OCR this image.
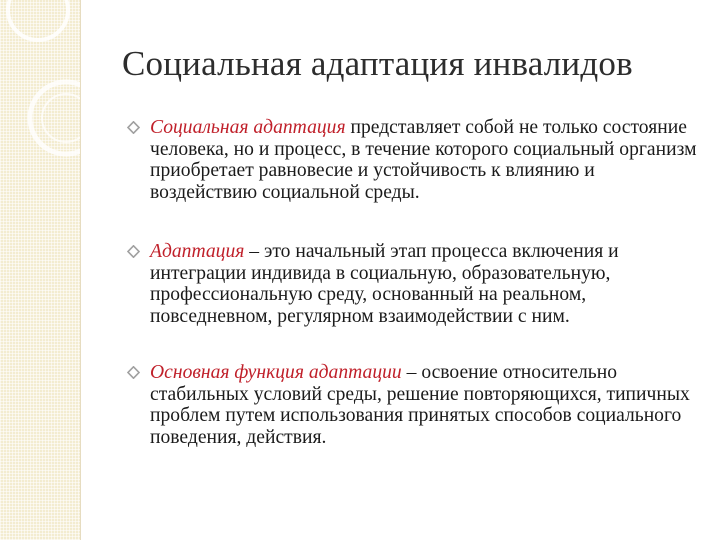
Социальная адаптация инвалидов
Социальная адаптация представляет собой не только состояние человека, но и процесс, в течение которого социальный организм приобретает равновесие и устойчивость к влиянию и воздействию социальной среды.
Адаптация – это начальный этап процесса включения и интеграции индивида в социальную, образовательную, профессиональную среду, основанный на реальном, повседневном, регулярном взаимодействии с ним.
Основная функция адаптации – освоение относительно стабильных условий среды, решение повторяющихся, типичных проблем путем использования принятых способов социального поведения, действия.
